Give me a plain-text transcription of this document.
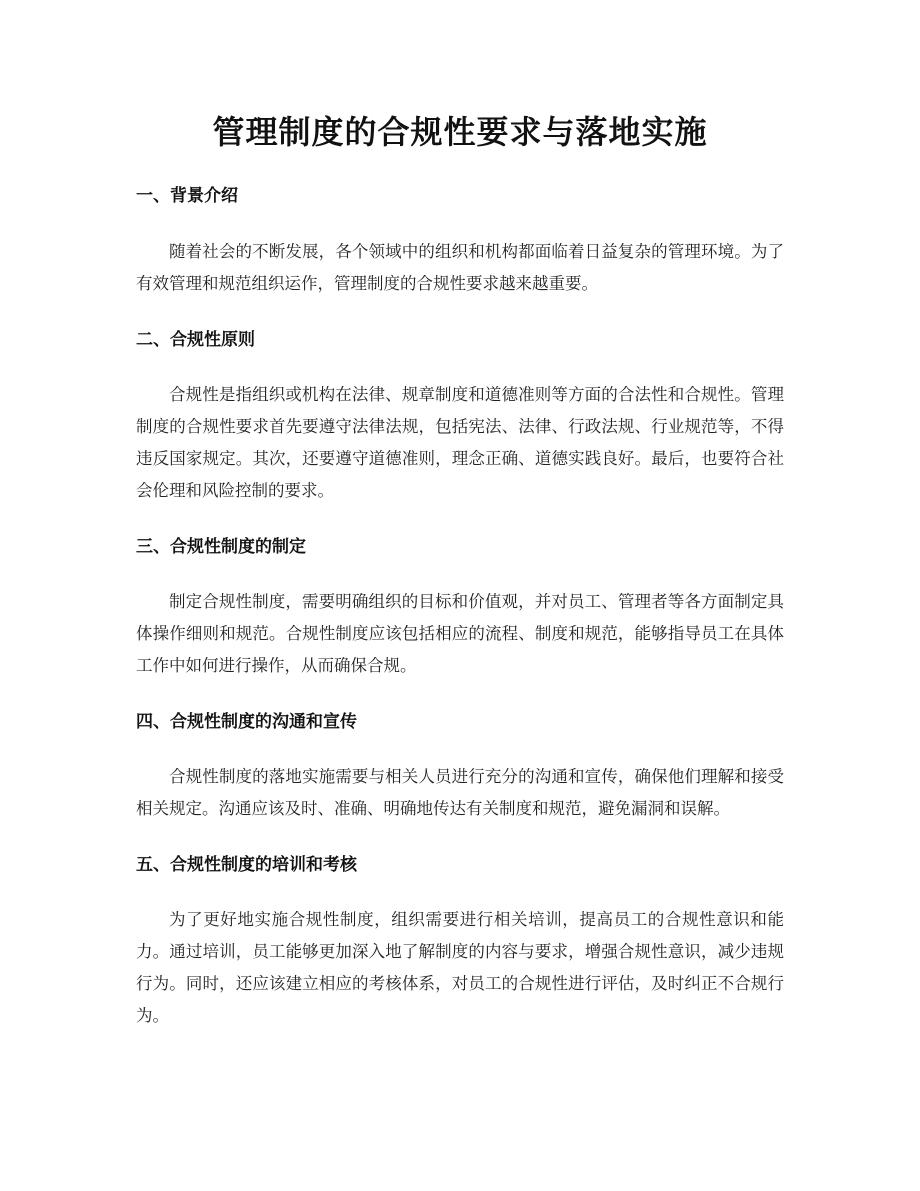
管理制度的合规性要求与落地实施
一、背景介绍

随着社会的不断发展，各个领域中的组织和机构都面临着日益复杂的管理环境。为了有效管理和规范组织运作，管理制度的合规性要求越来越重要。

二、合规性原则

合规性是指组织或机构在法律、规章制度和道德准则等方面的合法性和合规性。管理制度的合规性要求首先要遵守法律法规，包括宪法、法律、行政法规、行业规范等，不得违反国家规定。其次，还要遵守道德准则，理念正确、道德实践良好。最后，也要符合社会伦理和风险控制的要求。

三、合规性制度的制定

制定合规性制度，需要明确组织的目标和价值观，并对员工、管理者等各方面制定具体操作细则和规范。合规性制度应该包括相应的流程、制度和规范，能够指导员工在具体工作中如何进行操作，从而确保合规。

四、合规性制度的沟通和宣传

合规性制度的落地实施需要与相关人员进行充分的沟通和宣传，确保他们理解和接受相关规定。沟通应该及时、准确、明确地传达有关制度和规范，避免漏洞和误解。

五、合规性制度的培训和考核

为了更好地实施合规性制度，组织需要进行相关培训，提高员工的合规性意识和能力。通过培训，员工能够更加深入地了解制度的内容与要求，增强合规性意识，减少违规行为。同时，还应该建立相应的考核体系，对员工的合规性进行评估，及时纠正不合规行为。
